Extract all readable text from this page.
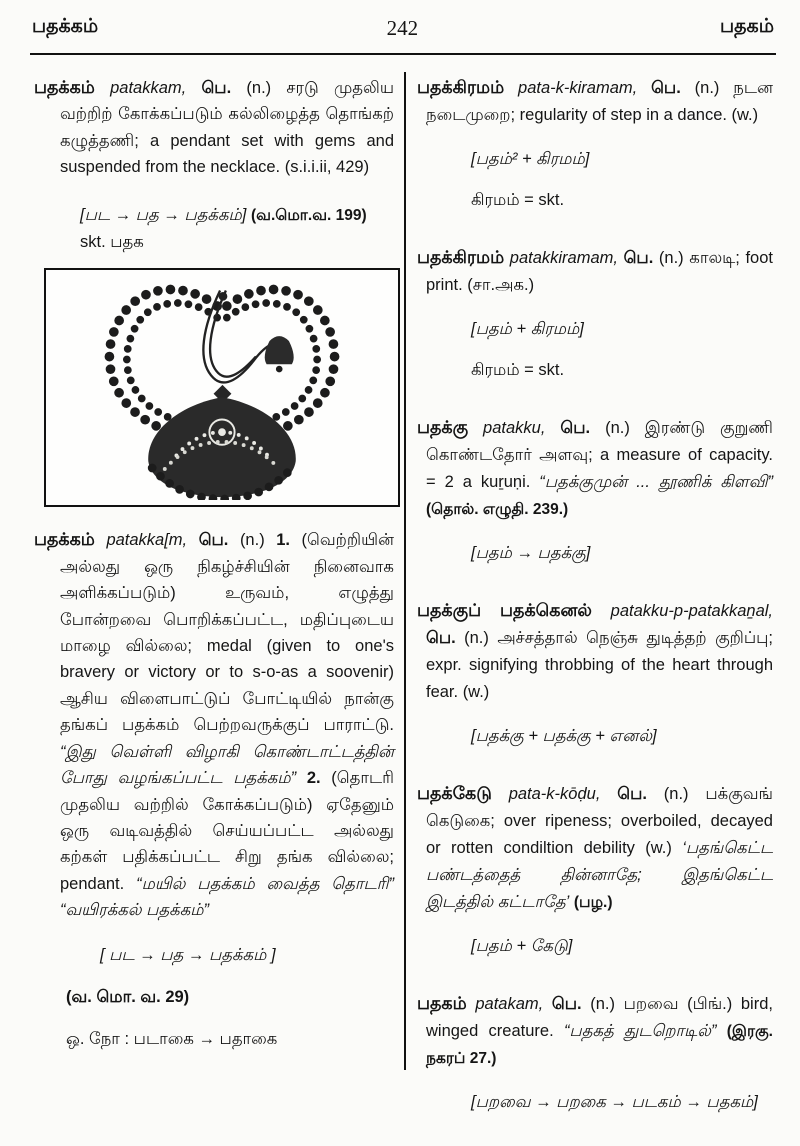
பதக்கம்	242	பதகம்

பதக்கம் patakkam, பெ. (n.) சரடு முதலிய வற்றிற் கோக்கப்படும் கல்லிழைத்த தொங்கற் கழுத்தணி; a pendant set with gems and suspended from the necklace. (s.i.i.ii, 429)

[பட → பத → பதக்கம்] (வ.மொ.வ. 199)

skt. பதக

பதக்கம் patakka[m, பெ. (n.) 1. (வெற்றியின் அல்லது ஒரு நிகழ்ச்சியின் நினைவாக அளிக்கப்படும்) உருவம், எழுத்து போன்றவை பொறிக்கப்பட்ட, மதிப்புடைய மாழை வில்லை; medal (given to one's bravery or victory or to s-o-as a soovenir) ஆசிய விளைபாட்டுப் போட்டியில் நான்கு தங்கப் பதக்கம் பெற்றவருக்குப் பாராட்டு. “இது வெள்ளி விழாகி கொண்டாட்டத்தின் போது வழங்கப்பட்ட பதக்கம்” 2. (தொடரி முதலிய வற்றில் கோக்கப்படும்) ஏதேனும் ஒரு வடிவத்தில் செய்யப்பட்ட அல்லது கற்கள் பதிக்கப்பட்ட சிறு தங்க வில்லை; pendant. “மயில் பதக்கம் வைத்த தொடரி” “வயிரக்கல் பதக்கம்”

[ பட → பத → பதக்கம் ]

(வ. மொ. வ. 29)

ஒ. நோ : படாகை → பதாகை

பதக்கிரமம் pata-k-kiramam, பெ. (n.) நடன நடைமுறை; regularity of step in a dance. (w.)

[பதம்² + கிரமம்]

கிரமம் = skt.

பதக்கிரமம் patakkiramam, பெ. (n.) காலடி; foot print. (சா.அக.)

[பதம் + கிரமம்]

கிரமம் = skt.

பதக்கு patakku, பெ. (n.) இரண்டு குறுணி கொண்டதோர் அளவு; a measure of capacity. = 2 a kuṟuṇi. “பதக்குமுன் ... தூணிக் கிளவி” (தொல். எழுதி. 239.)

[பதம் → பதக்கு]

பதக்குப் பதக்கெனல் patakku-p-patakkaṉal, பெ. (n.) அச்சத்தால் நெஞ்சு துடித்தற் குறிப்பு; expr. signifying throbbing of the heart through fear. (w.)

[பதக்கு + பதக்கு + எனல்]

பதக்கேடு pata-k-kōḍu, பெ. (n.) பக்குவங் கெடுகை; over ripeness; overboiled, decayed or rotten condiltion debility (w.) ‘பதங்கெட்ட பண்டத்தைத் தின்னாதே; இதங்கெட்ட இடத்தில் கட்டாதே’ (பழ.)

[பதம் + கேடு]

பதகம் patakam, பெ. (n.) பறவை (பிங்.) bird, winged creature. “பதகத் துடறொடில்” (இரகு. நகரப் 27.)

[பறவை → பறகை → படகம் → பதகம்]
